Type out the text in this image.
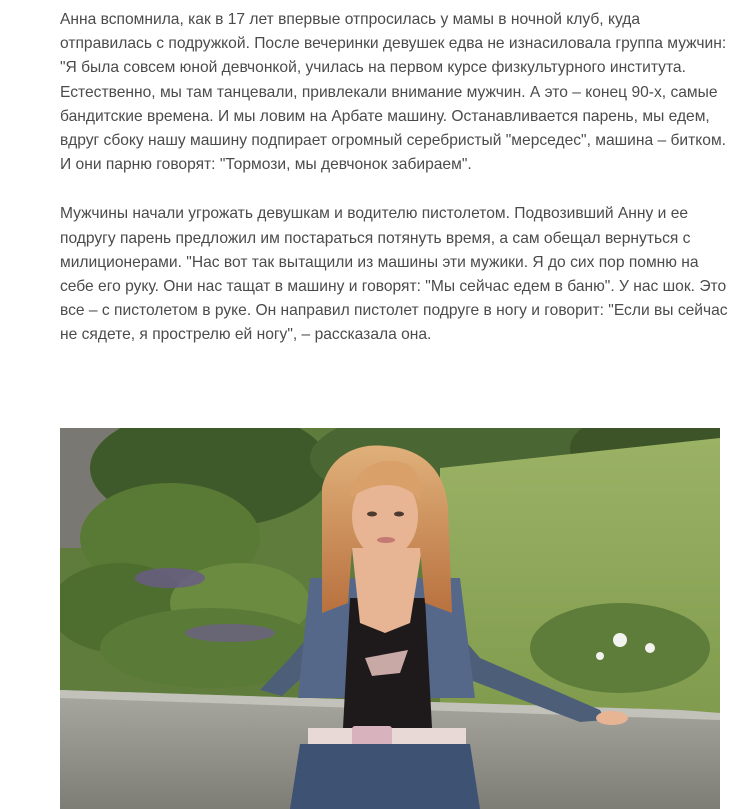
Анна вспомнила, как в 17 лет впервые отпросилась у мамы в ночной клуб, куда отправилась с подружкой. После вечеринки девушек едва не изнасиловала группа мужчин: "Я была совсем юной девчонкой, училась на первом курсе физкультурного института. Естественно, мы там танцевали, привлекали внимание мужчин. А это – конец 90-х, самые бандитские времена. И мы ловим на Арбате машину. Останавливается парень, мы едем, вдруг сбоку нашу машину подпирает огромный серебристый "мерседес", машина – битком. И они парню говорят: "Тормози, мы девчонок забираем".

Мужчины начали угрожать девушкам и водителю пистолетом. Подвозивший Анну и ее подругу парень предложил им постараться потянуть время, а сам обещал вернуться с милиционерами. "Нас вот так вытащили из машины эти мужики. Я до сих пор помню на себе его руку. Они нас тащат в машину и говорят: "Мы сейчас едем в баню". У нас шок. Это все – с пистолетом в руке. Он направил пистолет подруге в ногу и говорит: "Если вы сейчас не сядете, я прострелю ей ногу", – рассказала она.
